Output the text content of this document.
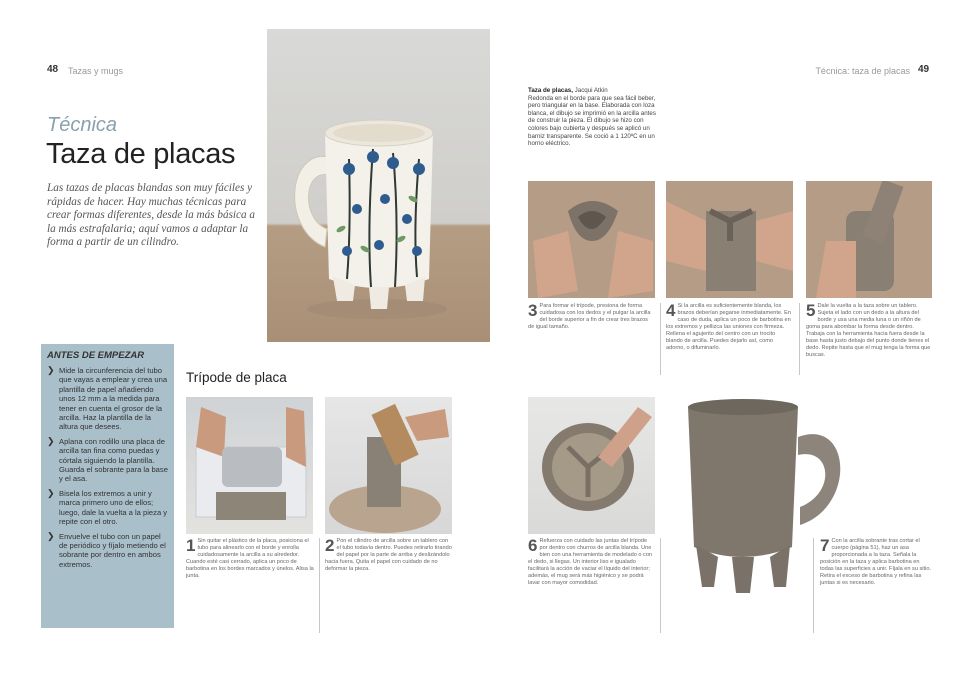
48 Tazas y mugs	Técnica: taza de placas 49
Técnica
Taza de placas
Las tazas de placas blandas son muy fáciles y rápidas de hacer. Hay muchas técnicas para crear formas diferentes, desde la más básica a la más estrafalaria; aquí vamos a adaptar la forma a partir de un cilindro.
Taza de placas, Jacqui Atkin
Redonda en el borde para que sea fácil beber, pero triangular en la base. Elaborada con loza blanca, el dibujo se imprimió en la arcilla antes de construir la pieza. El dibujo se hizo con colores bajo cubierta y después se aplicó un barniz transparente. Se coció a 1 120ºC en un horno eléctrico.
ANTES DE EMPEZAR
❯ Mide la circunferencia del tubo que vayas a emplear y crea una plantilla de papel añadiendo unos 12 mm a la medida para tener en cuenta el grosor de la arcilla. Haz la plantilla de la altura que desees.
❯ Aplana con rodillo una placa de arcilla tan fina como puedas y córtala siguiendo la plantilla. Guarda el sobrante para la base y el asa.
❯ Bisela los extremos a unir y marca primero uno de ellos; luego, dale la vuelta a la pieza y repite con el otro.
❯ Envuelve el tubo con un papel de periódico y fíjalo metiendo el sobrante por dentro en ambos extremos.
Trípode de placa
1 Sin quitar el plástico de la placa, posiciona el tubo para alinearlo con el borde y enrolla cuidadosamente la arcilla a su alrededor. Cuando esté casi cerrado, aplica un poco de barbotina en los bordes marcados y únelos. Alisa la junta.
2 Pon el cilindro de arcilla sobre un tablero con el tubo todavía dentro. Puedes retirarlo tirando del papel por la parte de arriba y deslizándolo hacia fuera. Quita el papel con cuidado de no deformar la pieza.
3 Para formar el trípode, presiona de forma cuidadosa con los dedos y el pulgar la arcilla del borde superior a fin de crear tres brazos de igual tamaño.
4 Si la arcilla es suficientemente blanda, los brazos deberían pegarse inmediatamente. En caso de duda, aplica un poco de barbotina en los extremos y pellizca las uniones con firmeza. Rellena el agujerito del centro con un trocito blando de arcilla. Puedes dejarlo así, como adorno, o difuminarlo.
5 Dale la vuelta a la taza sobre un tablero. Sujeta el lado con un dedo a la altura del borde y usa una media luna o un riñón de goma para abombar la forma desde dentro. Trabaja con la herramienta hacia fuera desde la base hasta justo debajo del punto donde tienes el dedo. Repite hasta que el mug tenga la forma que buscas.
6 Refuerza con cuidado las juntas del trípode por dentro con churros de arcilla blanda. Une bien con una herramienta de modelado o con el dedo, si llegas. Un interior liso e igualado facilitará la acción de vaciar el líquido del interior; además, el mug será más higiénico y se podrá lavar con mayor comodidad.
7 Con la arcilla sobrante tras cortar el cuerpo (página 51), haz un asa proporcionada a la taza. Señala la posición en la taza y aplica barbotina en todas las superficies a unir. Fíjala en su sitio. Retira el exceso de barbotina y refina las juntas si es necesario.
